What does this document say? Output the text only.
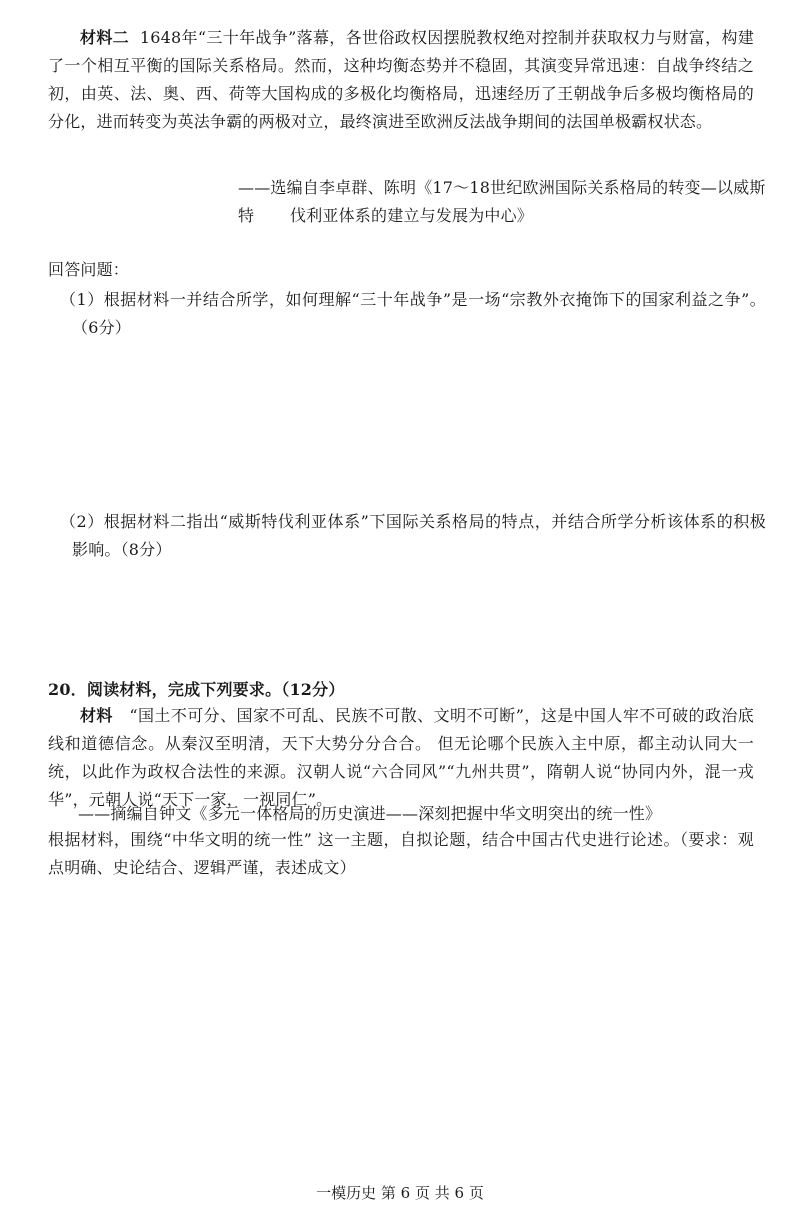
材料二 1648年“三十年战争”落幕，各世俗政权因摆脱教权绝对控制并获取权力与财富，构建了一个相互平衡的国际关系格局。然而，这种均衡态势并不稳固，其演变异常迅速：自战争终结之初，由英、法、奥、西、荷等大国构成的多极化均衡格局，迅速经历了王朝战争后多极均衡格局的分化，进而转变为英法争霸的两极对立，最终演进至欧洲反法战争期间的法国单极霸权状态。

——选编自李卓群、陈明《17～18世纪欧洲国际关系格局的转变—以威斯特	伐利亚体系的建立与发展为中心》

回答问题：

（1）根据材料一并结合所学，如何理解“三十年战争”是一场“宗教外衣掩饰下的国家利益之争”。（6分）

（2）根据材料二指出“威斯特伐利亚体系”下国际关系格局的特点，并结合所学分析该体系的积极影响。（8分）

20．阅读材料，完成下列要求。（12分）

材料 “国土不可分、国家不可乱、民族不可散、文明不可断”，这是中国人牢不可破的政治底线和道德信念。从秦汉至明清，天下大势分分合合。 但无论哪个民族入主中原，都主动认同大一统，以此作为政权合法性的来源。汉朝人说“六合同风”“九州共贯”，隋朝人说“协同内外，混一戎华”，元朝人说“天下一家，一视同仁”。

——摘编自钟文《多元一体格局的历史演进——深刻把握中华文明突出的统一性》

根据材料，围绕“中华文明的统一性” 这一主题，自拟论题，结合中国古代史进行论述。（要求：观点明确、史论结合、逻辑严谨，表述成文）

一模历史 第 6 页 共 6 页
